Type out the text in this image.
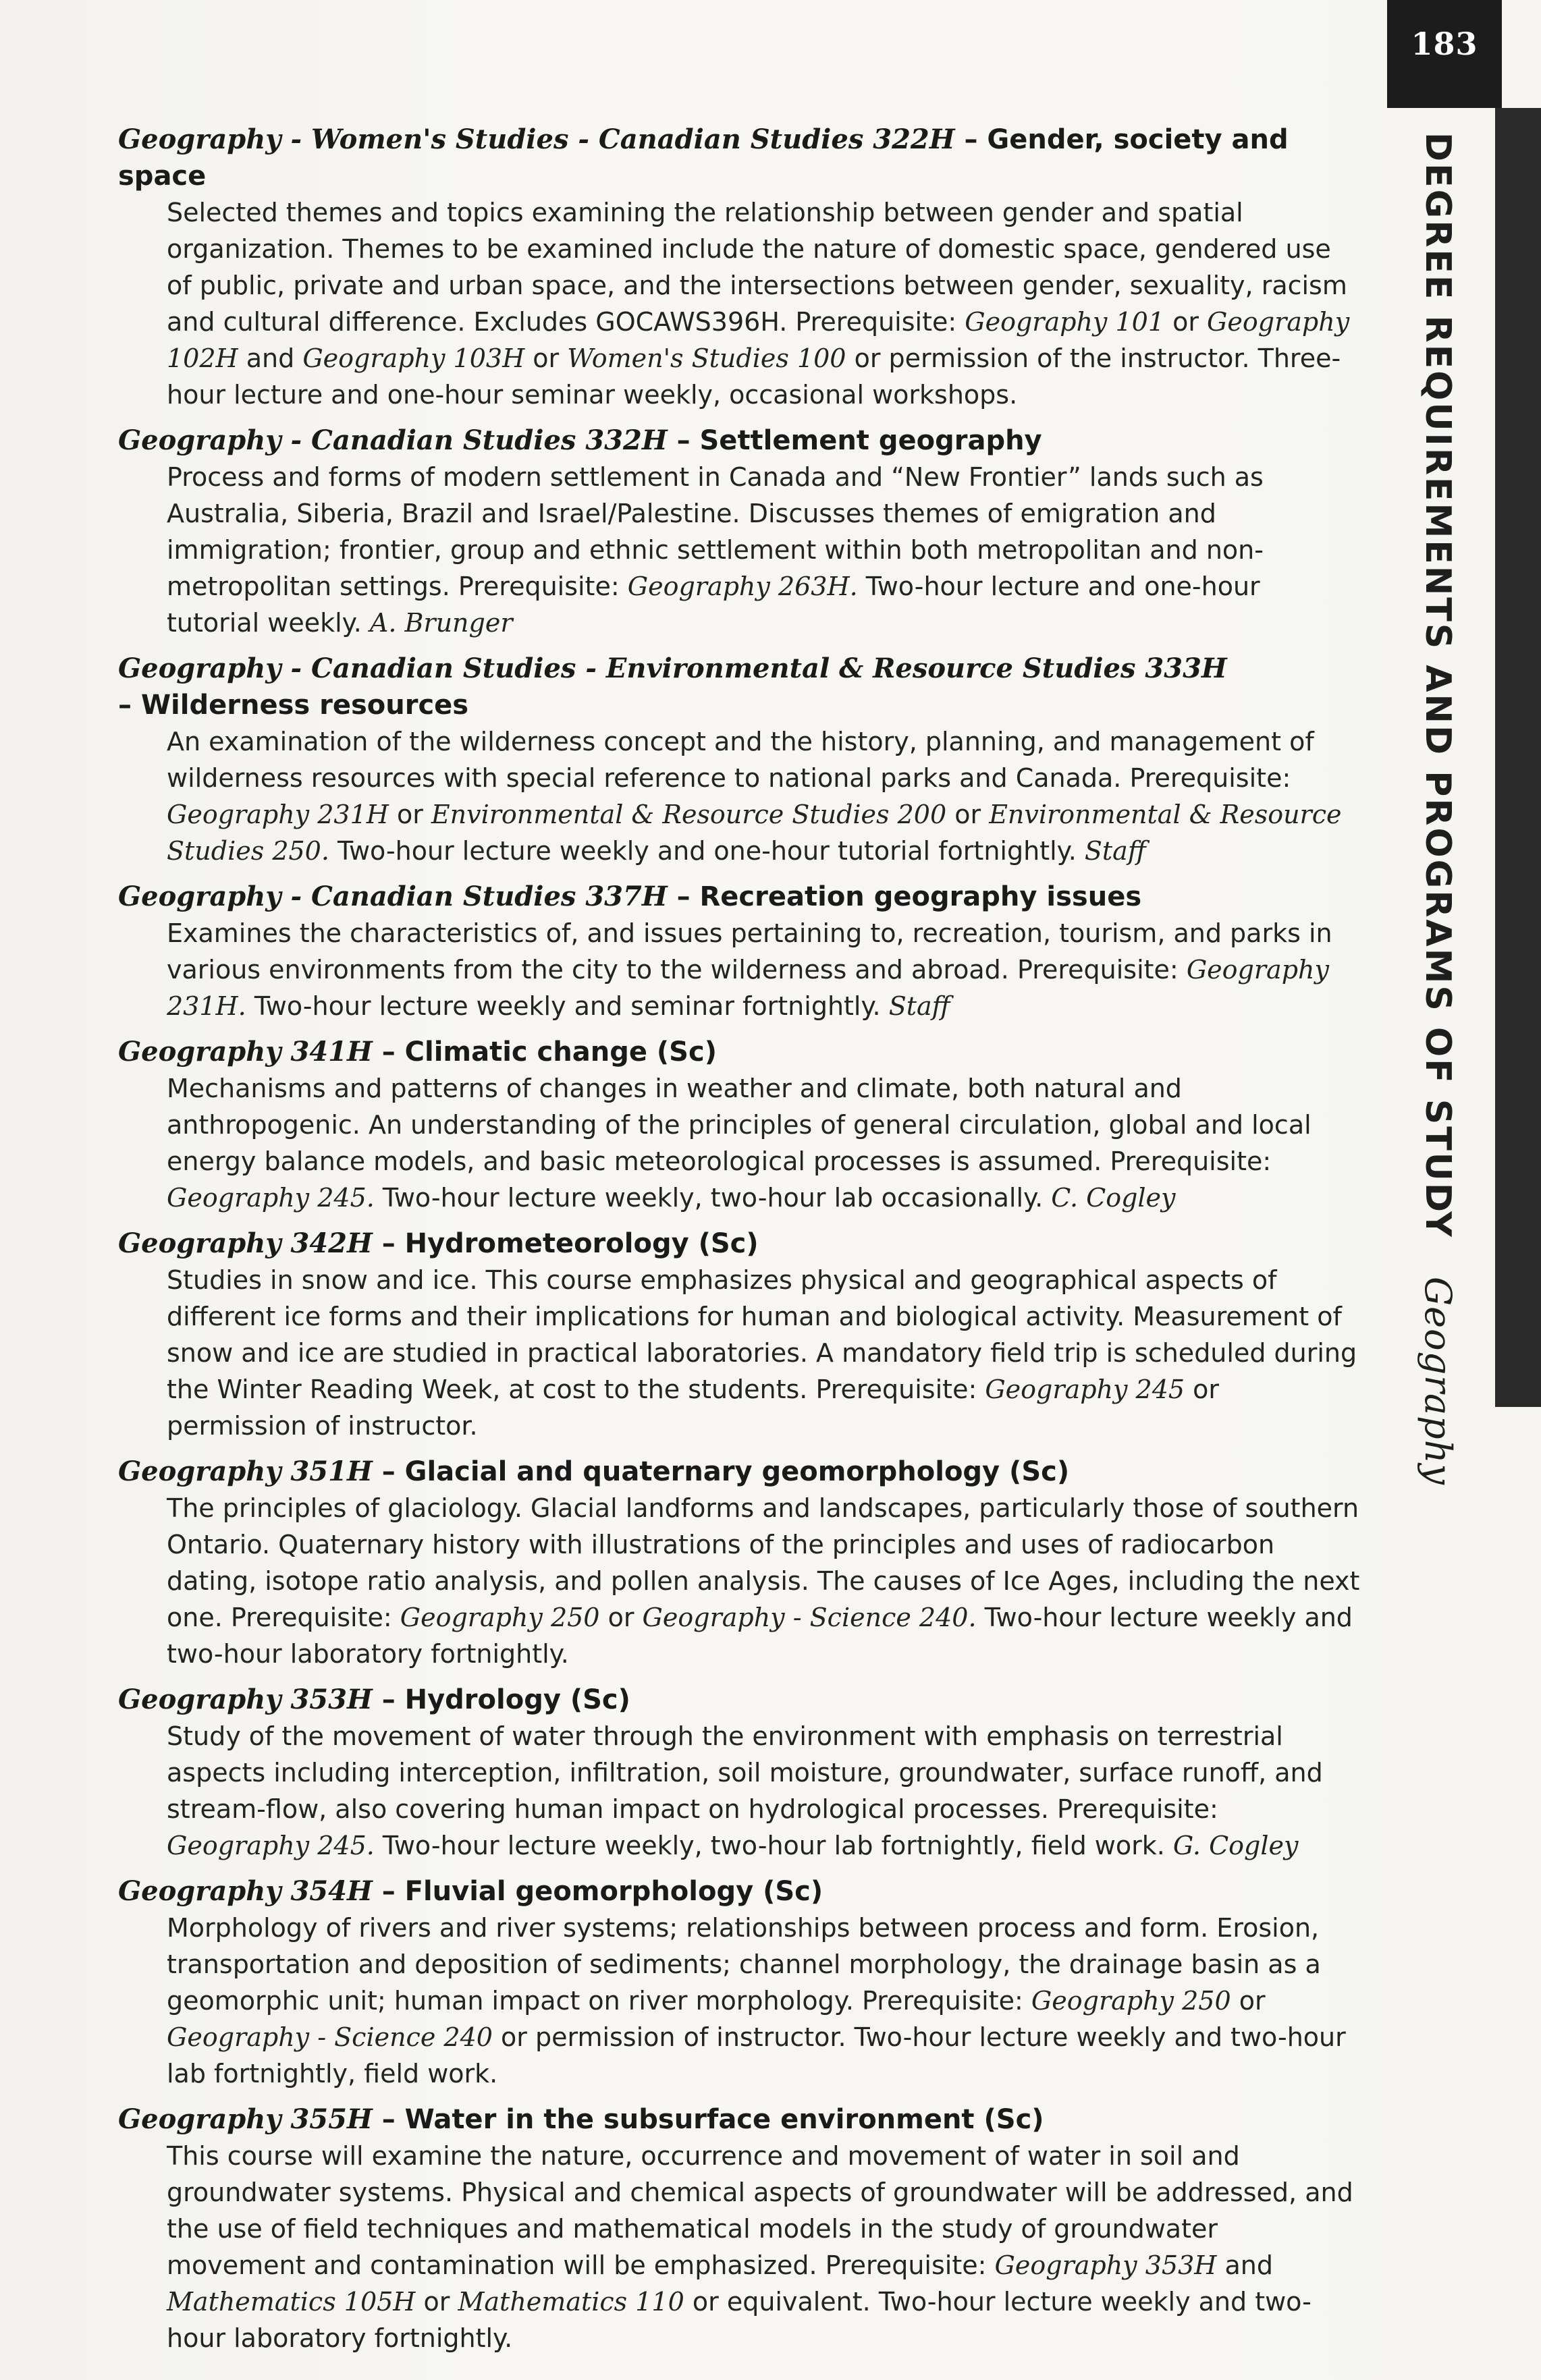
183
DEGREE REQUIREMENTS AND PROGRAMS OF STUDYGeography
Geography - Women's Studies - Canadian Studies 322H – Gender, society and space
Selected themes and topics examining the relationship between gender and spatial organization. Themes to be examined include the nature of domestic space, gendered use of public, private and urban space, and the intersections between gender, sexuality, racism and cultural difference. Excludes GOCAWS396H. Prerequisite: Geography 101 or Geography 102H and Geography 103H or Women's Studies 100 or permission of the instructor. Three-hour lecture and one-hour seminar weekly, occasional workshops.
Geography - Canadian Studies 332H – Settlement geography
Process and forms of modern settlement in Canada and “New Frontier” lands such as Australia, Siberia, Brazil and Israel/Palestine. Discusses themes of emigration and immigration; frontier, group and ethnic settlement within both metropolitan and non-metropolitan settings. Prerequisite: Geography 263H. Two-hour lecture and one-hour tutorial weekly. A. Brunger
Geography - Canadian Studies - Environmental & Resource Studies 333H
– Wilderness resources
An examination of the wilderness concept and the history, planning, and management of wilderness resources with special reference to national parks and Canada. Prerequisite: Geography 231H or Environmental & Resource Studies 200 or Environmental & Resource Studies 250. Two-hour lecture weekly and one-hour tutorial fortnightly. Staff
Geography - Canadian Studies 337H – Recreation geography issues
Examines the characteristics of, and issues pertaining to, recreation, tourism, and parks in various environments from the city to the wilderness and abroad. Prerequisite: Geography 231H. Two-hour lecture weekly and seminar fortnightly. Staff
Geography 341H – Climatic change (Sc)
Mechanisms and patterns of changes in weather and climate, both natural and anthropogenic. An understanding of the principles of general circulation, global and local energy balance models, and basic meteorological processes is assumed. Prerequisite: Geography 245. Two-hour lecture weekly, two-hour lab occasionally. C. Cogley
Geography 342H – Hydrometeorology (Sc)
Studies in snow and ice. This course emphasizes physical and geographical aspects of different ice forms and their implications for human and biological activity. Measurement of snow and ice are studied in practical laboratories. A mandatory field trip is scheduled during the Winter Reading Week, at cost to the students. Prerequisite: Geography 245 or permission of instructor.
Geography 351H – Glacial and quaternary geomorphology (Sc)
The principles of glaciology. Glacial landforms and landscapes, particularly those of southern Ontario. Quaternary history with illustrations of the principles and uses of radiocarbon dating, isotope ratio analysis, and pollen analysis. The causes of Ice Ages, including the next one. Prerequisite: Geography 250 or Geography - Science 240. Two-hour lecture weekly and two-hour laboratory fortnightly.
Geography 353H – Hydrology (Sc)
Study of the movement of water through the environment with emphasis on terrestrial aspects including interception, infiltration, soil moisture, groundwater, surface runoff, and stream-flow, also covering human impact on hydrological processes. Prerequisite: Geography 245. Two-hour lecture weekly, two-hour lab fortnightly, field work. G. Cogley
Geography 354H – Fluvial geomorphology (Sc)
Morphology of rivers and river systems; relationships between process and form. Erosion, transportation and deposition of sediments; channel morphology, the drainage basin as a geomorphic unit; human impact on river morphology. Prerequisite: Geography 250 or Geography - Science 240 or permission of instructor. Two-hour lecture weekly and two-hour lab fortnightly, field work.
Geography 355H – Water in the subsurface environment (Sc)
This course will examine the nature, occurrence and movement of water in soil and groundwater systems. Physical and chemical aspects of groundwater will be addressed, and the use of field techniques and mathematical models in the study of groundwater movement and contamination will be emphasized. Prerequisite: Geography 353H and Mathematics 105H or Mathematics 110 or equivalent. Two-hour lecture weekly and two-hour laboratory fortnightly.
